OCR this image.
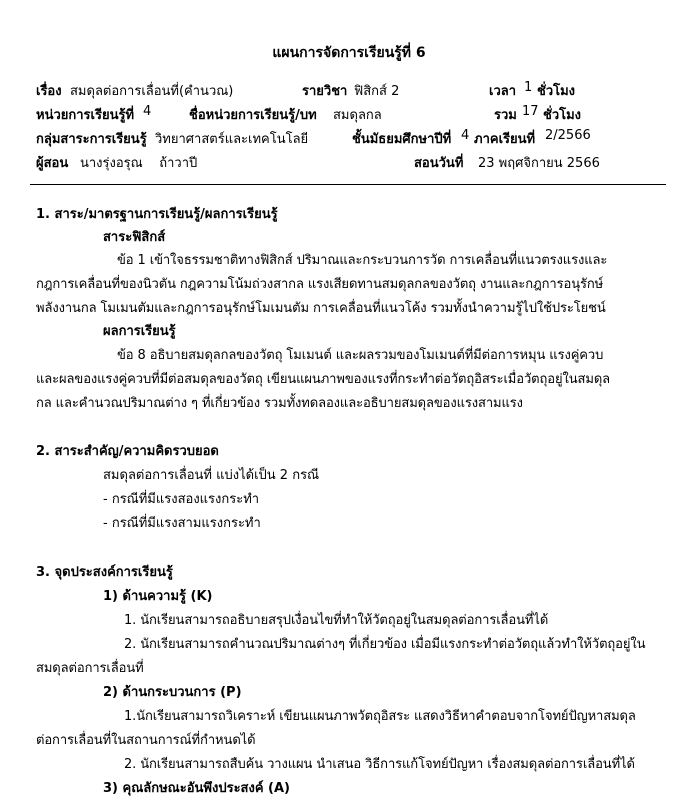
แผนการจัดการเรียนรู้ที่ 6
เรื่อง สมดุลต่อการเลื่อนที่(คำนวณ)	รายวิชา ฟิสิกส์ 2	เวลา 1 ชั่วโมง
หน่วยการเรียนรู้ที่ 4	ชื่อหน่วยการเรียนรู้/บท สมดุลกล	รวม 17 ชั่วโมง
กลุ่มสาระการเรียนรู้ วิทยาศาสตร์และเทคโนโลยี	ชั้นมัธยมศึกษาปีที่ 4 ภาคเรียนที่ 2/2566
ผู้สอน นางรุ่งอรุณ    ถ้าวาปี	สอนวันที่ 23 พฤศจิกายน 2566
1. สาระ/มาตรฐานการเรียนรู้/ผลการเรียนรู้
สาระฟิสิกส์
ข้อ 1 เข้าใจธรรมชาติทางฟิสิกส์ ปริมาณและกระบวนการวัด การเคลื่อนที่แนวตรงแรงและ
กฎการเคลื่อนที่ของนิวตัน กฎความโน้มถ่วงสากล แรงเสียดทานสมดุลกลของวัตถุ งานและกฎการอนุรักษ์
พลังงานกล โมเมนตัมและกฎการอนุรักษ์โมเมนตัม การเคลื่อนที่แนวโค้ง รวมทั้งนำความรู้ไปใช้ประโยชน์
ผลการเรียนรู้
ข้อ 8 อธิบายสมดุลกลของวัตถุ โมเมนต์ และผลรวมของโมเมนต์ที่มีต่อการหมุน แรงคู่ควบ
และผลของแรงคู่ควบที่มีต่อสมดุลของวัตถุ เขียนแผนภาพของแรงที่กระทำต่อวัตถุอิสระเมื่อวัตถุอยู่ในสมดุล
กล และคำนวณปริมาณต่าง ๆ ที่เกี่ยวข้อง รวมทั้งทดลองและอธิบายสมดุลของแรงสามแรง
2. สาระสำคัญ/ความคิดรวบยอด
สมดุลต่อการเลื่อนที่ แบ่งได้เป็น 2 กรณี
- กรณีที่มีแรงสองแรงกระทำ
- กรณีที่มีแรงสามแรงกระทำ
3. จุดประสงค์การเรียนรู้
1) ด้านความรู้ (K)
1. นักเรียนสามารถอธิบายสรุปเงื่อนไขที่ทำให้วัตถุอยู่ในสมดุลต่อการเลื่อนที่ได้
2. นักเรียนสามารถคำนวณปริมาณต่างๆ ที่เกี่ยวข้อง เมื่อมีแรงกระทำต่อวัตถุแล้วทำให้วัตถุอยู่ใน
สมดุลต่อการเลื่อนที่
2) ด้านกระบวนการ (P)
1.นักเรียนสามารถวิเคราะห์ เขียนแผนภาพวัตถุอิสระ แสดงวิธีหาคำตอบจากโจทย์ปัญหาสมดุล
ต่อการเลื่อนที่ในสถานการณ์ที่กำหนดได้
2. นักเรียนสามารถสืบค้น วางแผน นำเสนอ วิธีการแก้โจทย์ปัญหา เรื่องสมดุลต่อการเลื่อนที่ได้
3) คุณลักษณะอันพึงประสงค์ (A)
